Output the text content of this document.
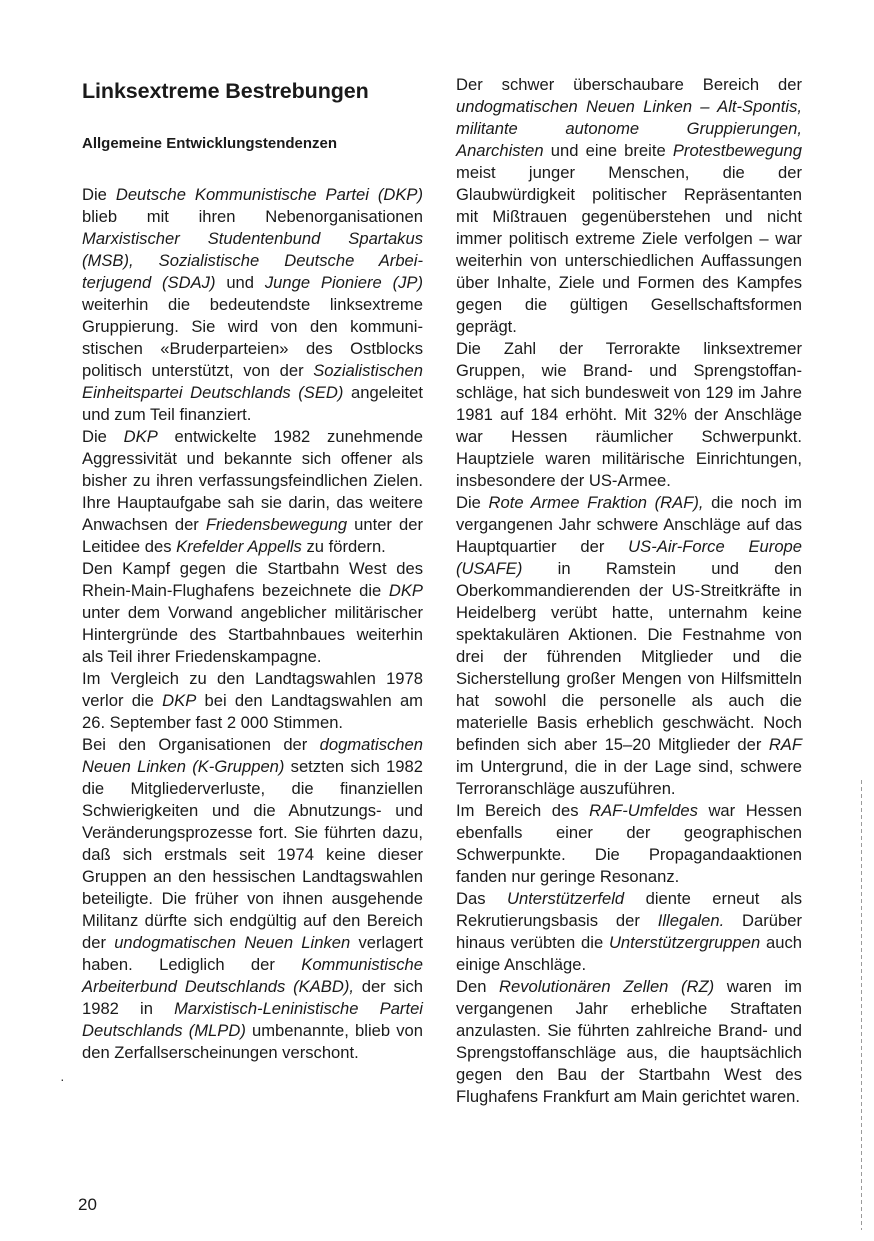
Linksextreme Bestrebungen
Allgemeine Entwicklungstendenzen

Die Deutsche Kommunistische Partei (DKP) blieb mit ihren Nebenorganisationen Marxistischer Studentenbund Spartakus (MSB), Sozialistische Deutsche Arbeiterjugend (SDAJ) und Junge Pioniere (JP) weiterhin die bedeutendste linksextreme Gruppierung. Sie wird von den kommunistischen «Bruderparteien» des Ostblocks politisch unterstützt, von der Sozialistischen Einheitspartei Deutschlands (SED) angeleitet und zum Teil finanziert.

Die DKP entwickelte 1982 zunehmende Aggressivität und bekannte sich offener als bisher zu ihren verfassungsfeindlichen Zielen. Ihre Hauptaufgabe sah sie darin, das weitere Anwachsen der Friedensbewegung unter der Leitidee des Krefelder Appells zu fördern.

Den Kampf gegen die Startbahn West des Rhein-Main-Flughafens bezeichnete die DKP unter dem Vorwand angeblicher militärischer Hintergründe des Startbahnbaues weiterhin als Teil ihrer Friedenskampagne.

Im Vergleich zu den Landtagswahlen 1978 verlor die DKP bei den Landtagswahlen am 26. September fast 2 000 Stimmen.

Bei den Organisationen der dogmatischen Neuen Linken (K-Gruppen) setzten sich 1982 die Mitgliederverluste, die finanziellen Schwierigkeiten und die Abnutzungs- und Veränderungsprozesse fort. Sie führten dazu, daß sich erstmals seit 1974 keine dieser Gruppen an den hessischen Landtagswahlen beteiligte. Die früher von ihnen ausgehende Militanz dürfte sich endgültig auf den Bereich der undogmatischen Neuen Linken verlagert haben. Lediglich der Kommunistische Arbeiterbund Deutschlands (KABD), der sich 1982 in Marxistisch-Leninistische Partei Deutschlands (MLPD) umbenannte, blieb von den Zerfallserscheinungen verschont.

Der schwer überschaubare Bereich der undogmatischen Neuen Linken – Alt-Spontis, militante autonome Gruppierungen, Anarchisten und eine breite Protestbewegung meist junger Menschen, die der Glaubwürdigkeit politischer Repräsentanten mit Mißtrauen gegenüberstehen und nicht immer politisch extreme Ziele verfolgen – war weiterhin von unterschiedlichen Auffassungen über Inhalte, Ziele und Formen des Kampfes gegen die gültigen Gesellschaftsformen geprägt.

Die Zahl der Terrorakte linksextremer Gruppen, wie Brand- und Sprengstoffanschläge, hat sich bundesweit von 129 im Jahre 1981 auf 184 erhöht. Mit 32% der Anschläge war Hessen räumlicher Schwerpunkt. Hauptziele waren militärische Einrichtungen, insbesondere der US-Armee.

Die Rote Armee Fraktion (RAF), die noch im vergangenen Jahr schwere Anschläge auf das Hauptquartier der US-Air-Force Europe (USAFE) in Ramstein und den Oberkommandierenden der US-Streitkräfte in Heidelberg verübt hatte, unternahm keine spektakulären Aktionen. Die Festnahme von drei der führenden Mitglieder und die Sicherstellung großer Mengen von Hilfsmitteln hat sowohl die personelle als auch die materielle Basis erheblich geschwächt. Noch befinden sich aber 15–20 Mitglieder der RAF im Untergrund, die in der Lage sind, schwere Terroranschläge auszuführen.

Im Bereich des RAF-Umfeldes war Hessen ebenfalls einer der geographischen Schwerpunkte. Die Propagandaaktionen fanden nur geringe Resonanz.

Das Unterstützerfeld diente erneut als Rekrutierungsbasis der Illegalen. Darüber hinaus verübten die Unterstützergruppen auch einige Anschläge.

Den Revolutionären Zellen (RZ) waren im vergangenen Jahr erhebliche Straftaten anzulasten. Sie führten zahlreiche Brand- und Sprengstoffanschläge aus, die hauptsächlich gegen den Bau der Startbahn West des Flughafens Frankfurt am Main gerichtet waren.

·
20
